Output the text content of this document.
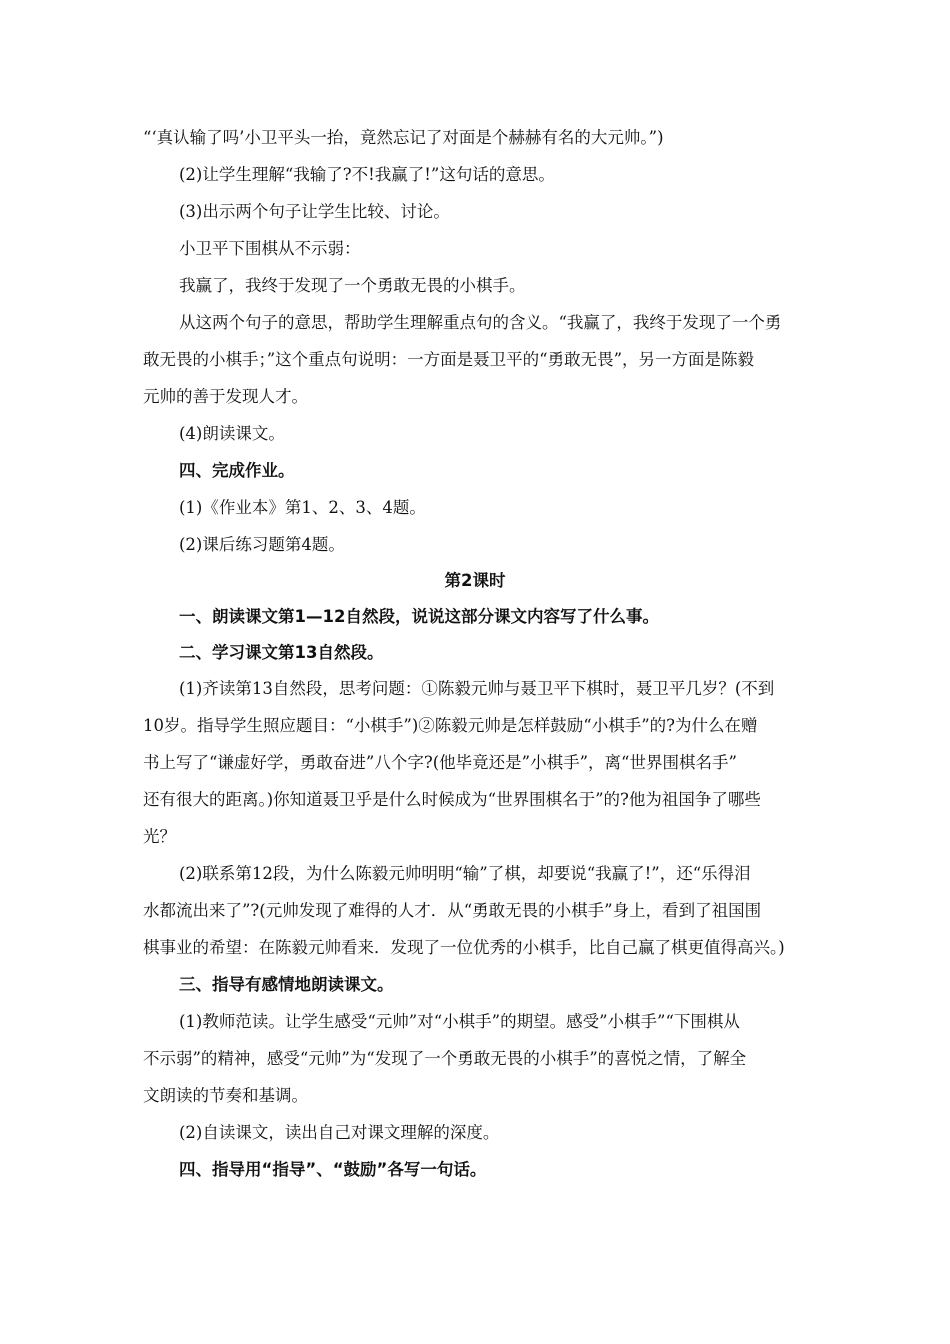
“‘真认输了吗’小卫平头一抬，竟然忘记了对面是个赫赫有名的大元帅。”)
(2)让学生理解“我输了?不!我赢了!”这句话的意思。
(3)出示两个句子让学生比较、讨论。
小卫平下围棋从不示弱：
我赢了，我终于发现了一个勇敢无畏的小棋手。
从这两个句子的意思，帮助学生理解重点句的含义。“我赢了，我终于发现了一个勇
敢无畏的小棋手；”这个重点句说明：一方面是聂卫平的“勇敢无畏”，另一方面是陈毅
元帅的善于发现人才。
(4)朗读课文。
四、完成作业。
(1)《作业本》第1、2、3、4题。
(2)课后练习题第4题。
第2课时
一、朗读课文第1—12自然段，说说这部分课文内容写了什么事。
二、学习课文第13自然段。
(1)齐读第13自然段，思考问题：①陈毅元帅与聂卫平下棋时，聂卫平几岁？(不到
10岁。指导学生照应题目：“小棋手”)②陈毅元帅是怎样鼓励“小棋手”的?为什么在赠
书上写了“谦虚好学，勇敢奋进”八个字?(他毕竟还是”小棋手”，离“世界围棋名手”
还有很大的距离。)你知道聂卫乎是什么时候成为“世界围棋名于”的?他为祖国争了哪些
光？
(2)联系第12段，为什么陈毅元帅明明“输”了棋，却要说“我赢了!”，还“乐得泪
水都流出来了”?(元帅发现了难得的人才．从“勇敢无畏的小棋手”身上，看到了祖国围
棋事业的希望：在陈毅元帅看来．发现了一位优秀的小棋手，比自己赢了棋更值得高兴。)
三、指导有感情地朗读课文。
(1)教师范读。让学生感受“元帅”对“小棋手”的期望。感受”小棋手”“下围棋从
不示弱”的精神，感受“元帅”为“发现了一个勇敢无畏的小棋手”的喜悦之情，了解全
文朗读的节奏和基调。
(2)自读课文，读出自己对课文理解的深度。
四、指导用“指导”、“鼓励”各写一句话。
